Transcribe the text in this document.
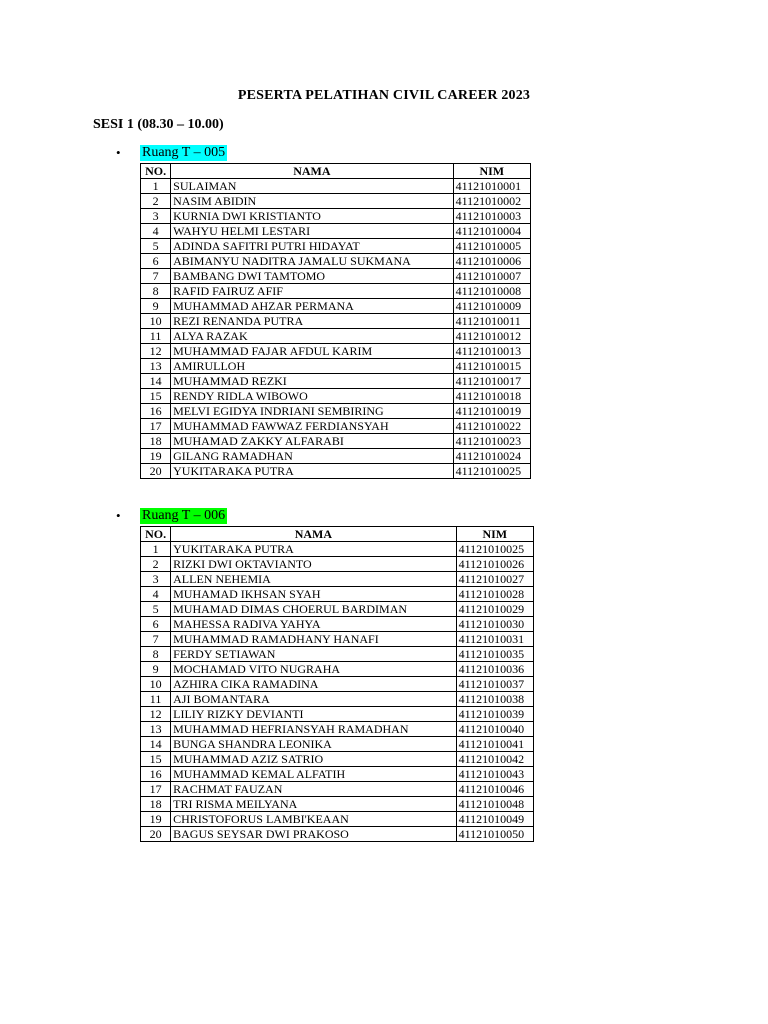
PESERTA PELATIHAN CIVIL CAREER 2023
SESI 1 (08.30 – 10.00)
•	Ruang T – 005
NO.	NAMA	NIM
1	SULAIMAN	41121010001
2	NASIM ABIDIN	41121010002
3	KURNIA DWI KRISTIANTO	41121010003
4	WAHYU HELMI LESTARI	41121010004
5	ADINDA SAFITRI PUTRI HIDAYAT	41121010005
6	ABIMANYU NADITRA JAMALU SUKMANA	41121010006
7	BAMBANG DWI TAMTOMO	41121010007
8	RAFID FAIRUZ AFIF	41121010008
9	MUHAMMAD AHZAR PERMANA	41121010009
10	REZI RENANDA PUTRA	41121010011
11	ALYA RAZAK	41121010012
12	MUHAMMAD FAJAR AFDUL KARIM	41121010013
13	AMIRULLOH	41121010015
14	MUHAMMAD REZKI	41121010017
15	RENDY RIDLA WIBOWO	41121010018
16	MELVI EGIDYA INDRIANI SEMBIRING	41121010019
17	MUHAMMAD FAWWAZ FERDIANSYAH	41121010022
18	MUHAMAD ZAKKY ALFARABI	41121010023
19	GILANG RAMADHAN	41121010024
20	YUKITARAKA PUTRA	41121010025
•	Ruang T – 006
NO.	NAMA	NIM
1	YUKITARAKA PUTRA	41121010025
2	RIZKI DWI OKTAVIANTO	41121010026
3	ALLEN NEHEMIA	41121010027
4	MUHAMAD IKHSAN SYAH	41121010028
5	MUHAMAD DIMAS CHOERUL BARDIMAN	41121010029
6	MAHESSA RADIVA YAHYA	41121010030
7	MUHAMMAD RAMADHANY HANAFI	41121010031
8	FERDY SETIAWAN	41121010035
9	MOCHAMAD VITO NUGRAHA	41121010036
10	AZHIRA CIKA RAMADINA	41121010037
11	AJI BOMANTARA	41121010038
12	LILIY RIZKY DEVIANTI	41121010039
13	MUHAMMAD HEFRIANSYAH RAMADHAN	41121010040
14	BUNGA SHANDRA LEONIKA	41121010041
15	MUHAMMAD AZIZ SATRIO	41121010042
16	MUHAMMAD KEMAL ALFATIH	41121010043
17	RACHMAT FAUZAN	41121010046
18	TRI RISMA MEILYANA	41121010048
19	CHRISTOFORUS LAMBI'KEAAN	41121010049
20	BAGUS SEYSAR DWI PRAKOSO	41121010050
